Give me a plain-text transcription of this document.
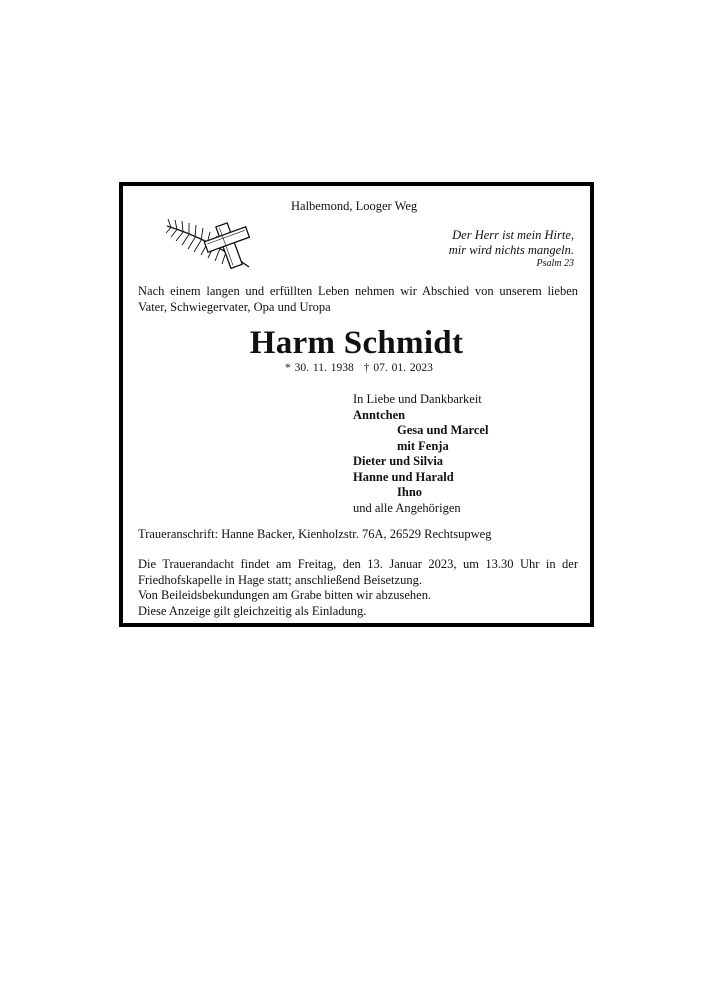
Halbemond, Looger Weg
Der Herr ist mein Hirte,
mir wird nichts mangeln.
Psalm 23
Nach einem langen und erfüllten Leben nehmen wir Abschied von unserem lieben Vater, Schwiegervater, Opa und Uropa
Harm Schmidt
* 30. 11. 1938 † 07. 01. 2023
In Liebe und Dankbarkeit
Anntchen
Gesa und Marcel
mit Fenja
Dieter und Silvia
Hanne und Harald
Ihno
und alle Angehörigen
Traueranschrift: Hanne Backer, Kienholzstr. 76A, 26529 Rechtsupweg
Die Trauerandacht findet am Freitag, den 13. Januar 2023, um 13.30 Uhr in der
Friedhofskapelle in Hage statt; anschließend Beisetzung.
Von Beileidsbekundungen am Grabe bitten wir abzusehen.
Diese Anzeige gilt gleichzeitig als Einladung.
